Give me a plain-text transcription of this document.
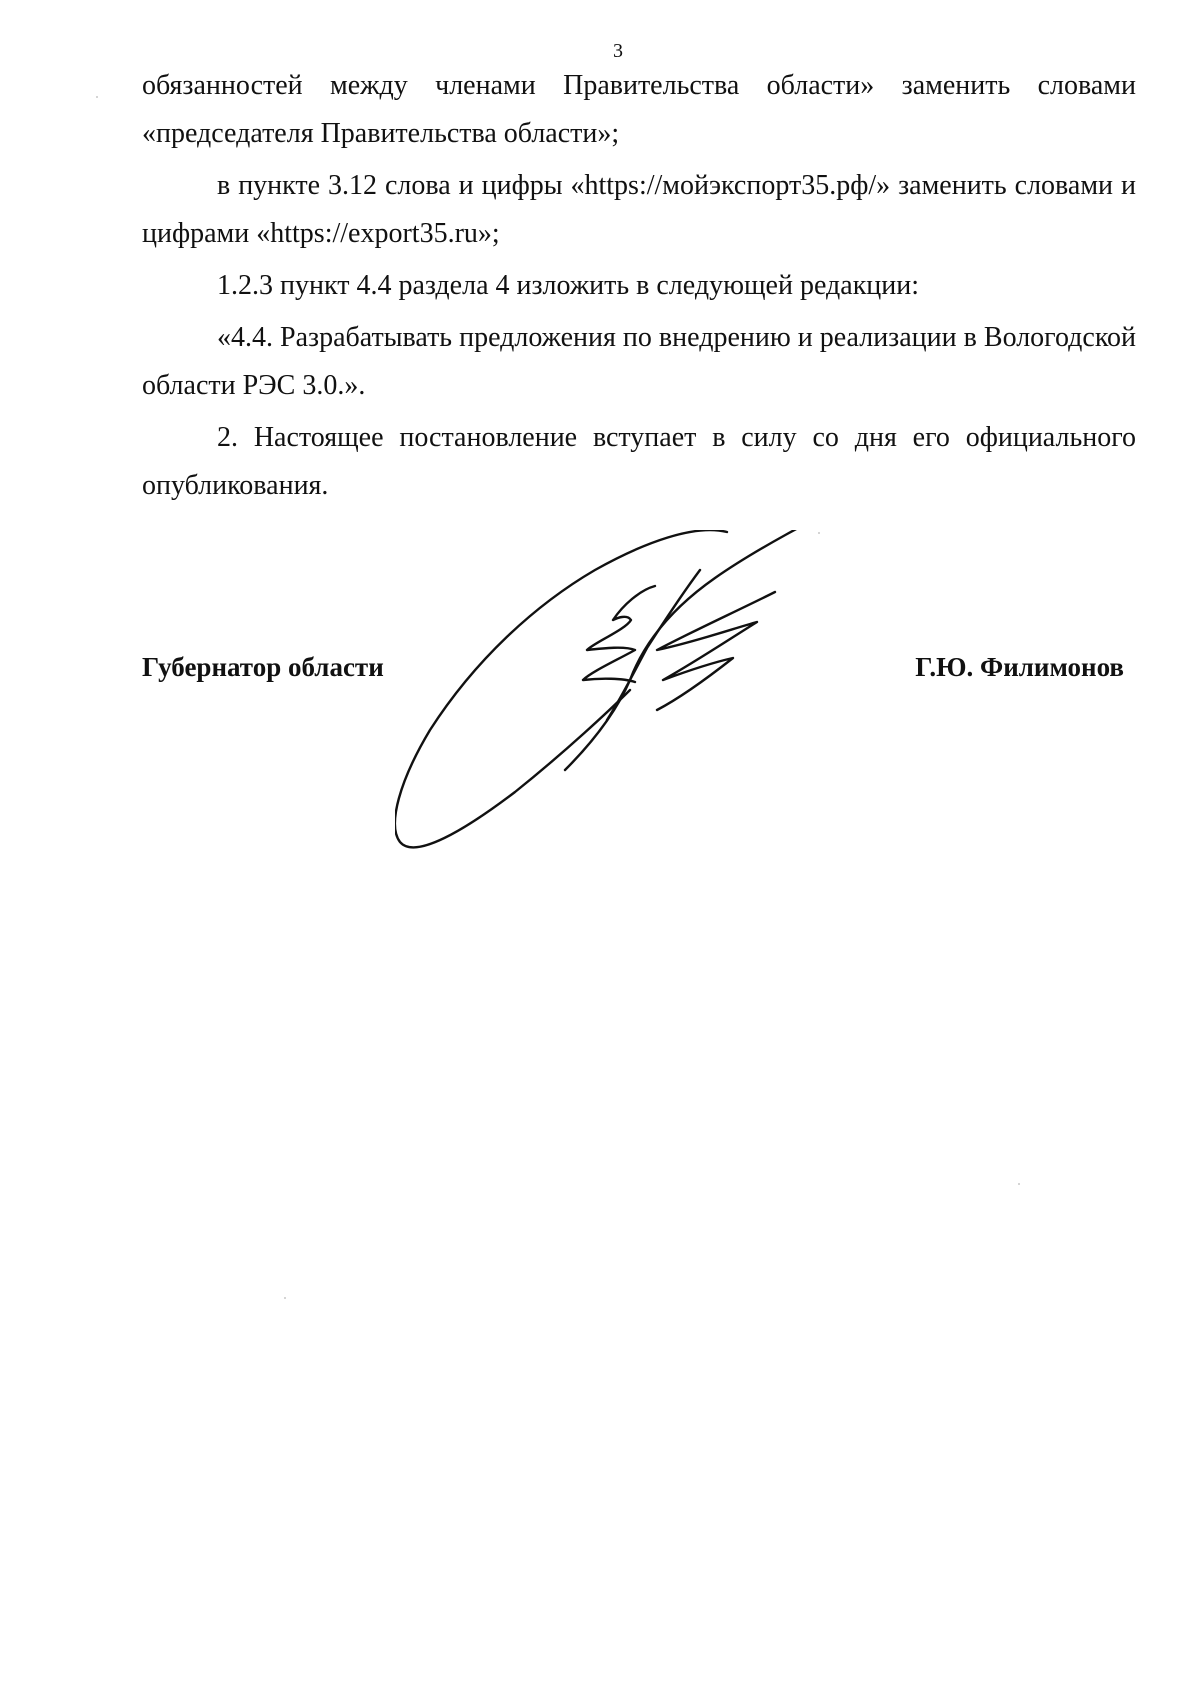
3

обязанностей между членами Правительства области» заменить словами «председателя Правительства области»;

в пункте 3.12 слова и цифры «https://мойэкспорт35.рф/» заменить словами и цифрами «https://export35.ru»;

1.2.3 пункт 4.4 раздела 4 изложить в следующей редакции:

«4.4. Разрабатывать предложения по внедрению и реализации в Вологодской области РЭС 3.0.».

2. Настоящее постановление вступает в силу со дня его официального опубликования.

Губернатор области	Г.Ю. Филимонов
